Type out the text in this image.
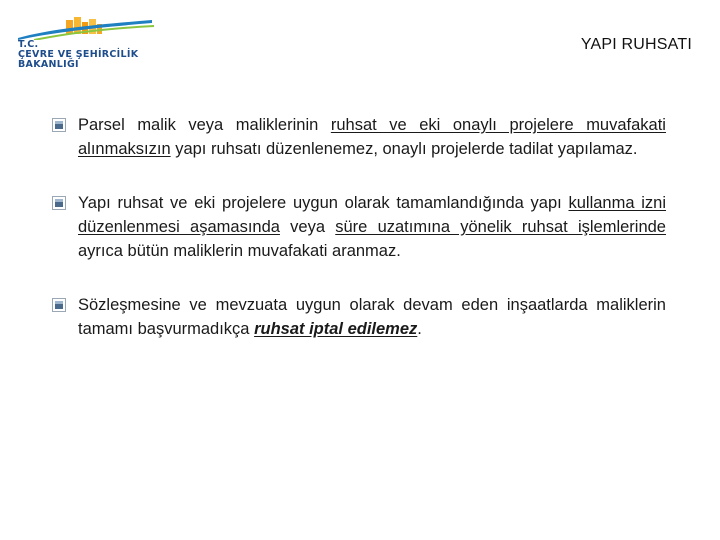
T.C.
ÇEVRE VE ŞEHİRCİLİK
BAKANLIĞI
YAPI RUHSATI
Parsel malik veya maliklerinin ruhsat ve eki onaylı projelere muvafakati alınmaksızın yapı ruhsatı düzenlenemez, onaylı projelerde tadilat yapılamaz.
Yapı ruhsat ve eki projelere uygun olarak tamamlandığında yapı kullanma izni düzenlenmesi aşamasında veya süre uzatımına yönelik ruhsat işlemlerinde ayrıca bütün maliklerin muvafakati aranmaz.
Sözleşmesine ve mevzuata uygun olarak devam eden inşaatlarda maliklerin tamamı başvurmadıkça ruhsat iptal edilemez.
